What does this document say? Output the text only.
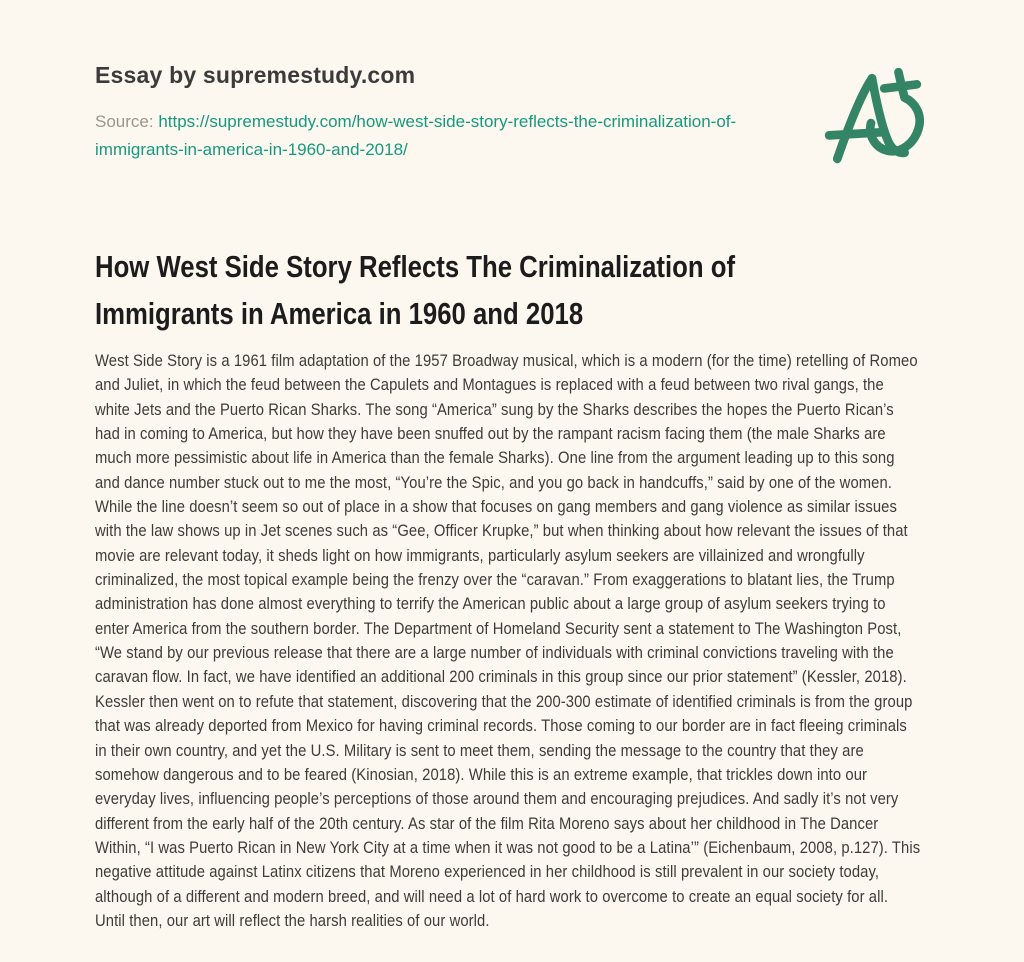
Essay by supremestudy.com

Source: https://supremestudy.com/how-west-side-story-reflects-the-criminalization-of-
immigrants-in-america-in-1960-and-2018/

How West Side Story Reflects The Criminalization of
Immigrants in America in 1960 and 2018

West Side Story is a 1961 film adaptation of the 1957 Broadway musical, which is a modern (for the time) retelling of Romeo and Juliet, in which the feud between the Capulets and Montagues is replaced with a feud between two rival gangs, the white Jets and the Puerto Rican Sharks. The song “America” sung by the Sharks describes the hopes the Puerto Rican’s had in coming to America, but how they have been snuffed out by the rampant racism facing them (the male Sharks are much more pessimistic about life in America than the female Sharks). One line from the argument leading up to this song and dance number stuck out to me the most, “You’re the Spic, and you go back in handcuffs,” said by one of the women. While the line doesn’t seem so out of place in a show that focuses on gang members and gang violence as similar issues with the law shows up in Jet scenes such as “Gee, Officer Krupke,” but when thinking about how relevant the issues of that movie are relevant today, it sheds light on how immigrants, particularly asylum seekers are villainized and wrongfully criminalized, the most topical example being the frenzy over the “caravan.” From exaggerations to blatant lies, the Trump administration has done almost everything to terrify the American public about a large group of asylum seekers trying to enter America from the southern border. The Department of Homeland Security sent a statement to The Washington Post, “We stand by our previous release that there are a large number of individuals with criminal convictions traveling with the caravan flow. In fact, we have identified an additional 200 criminals in this group since our prior statement” (Kessler, 2018). Kessler then went on to refute that statement, discovering that the 200-300 estimate of identified criminals is from the group that was already deported from Mexico for having criminal records. Those coming to our border are in fact fleeing criminals in their own country, and yet the U.S. Military is sent to meet them, sending the message to the country that they are somehow dangerous and to be feared (Kinosian, 2018). While this is an extreme example, that trickles down into our everyday lives, influencing people’s perceptions of those around them and encouraging prejudices. And sadly it’s not very different from the early half of the 20th century. As star of the film Rita Moreno says about her childhood in The Dancer Within, “I was Puerto Rican in New York City at a time when it was not good to be a Latina’” (Eichenbaum, 2008, p.127). This negative attitude against Latinx citizens that Moreno experienced in her childhood is still prevalent in our society today, although of a different and modern breed, and will need a lot of hard work to overcome to create an equal society for all. Until then, our art will reflect the harsh realities of our world.
